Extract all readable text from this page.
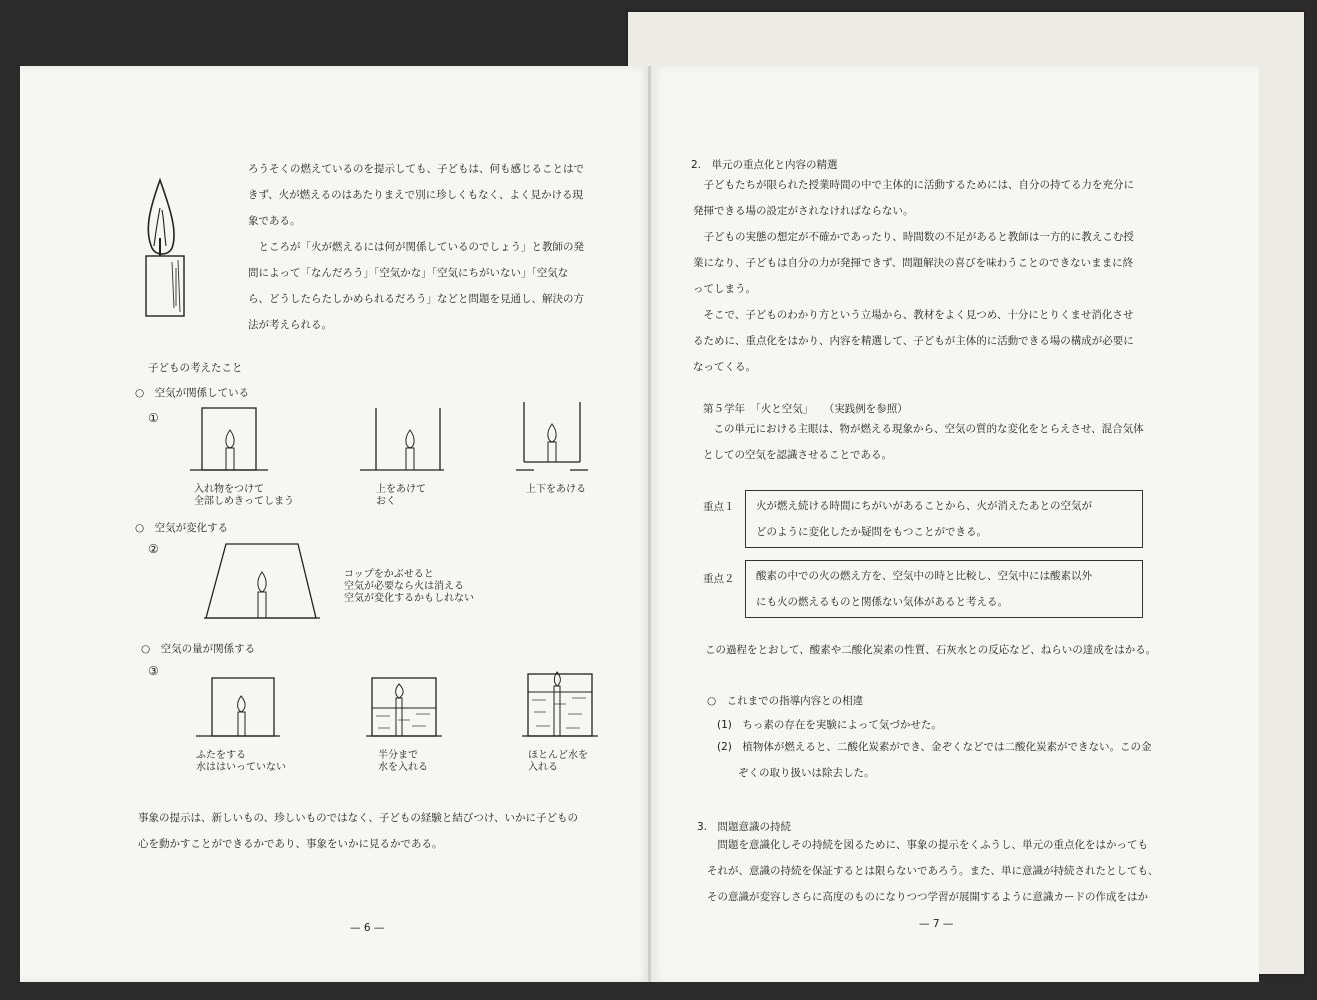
ろうそくの燃えているのを提示しても、子どもは、何も感じることはで
きず、火が燃えるのはあたりまえで別に珍しくもなく、よく見かける現
象である。
　ところが「火が燃えるには何が関係しているのでしょう」と教師の発
問によって「なんだろう」「空気かな」「空気にちがいない」「空気な
ら、どうしたらたしかめられるだろう」などと問題を見通し、解決の方
法が考えられる。
子どもの考えたこと
○　空気が関係している
①
入れ物をつけて
全部しめきってしまう
上をあけて
おく
上下をあける
○　空気が変化する
②
コップをかぶせると
空気が必要なら火は消える
空気が変化するかもしれない
○　空気の量が関係する
③
ふたをする
水ははいっていない
半分まで
水を入れる
ほとんど水を
入れる
事象の提示は、新しいもの、珍しいものではなく、子どもの経験と結びつけ、いかに子どもの
心を動かすことができるかであり、事象をいかに見るかである。
— 6 —
2.　単元の重点化と内容の精選
　子どもたちが限られた授業時間の中で主体的に活動するためには、自分の持てる力を充分に
発揮できる場の設定がされなければならない。
　子どもの実態の想定が不確かであったり、時間数の不足があると教師は一方的に教えこむ授
業になり、子どもは自分の力が発揮できず、問題解決の喜びを味わうことのできないままに終
ってしまう。
　そこで、子どものわかり方という立場から、教材をよく見つめ、十分にとりくませ消化させ
るために、重点化をはかり、内容を精選して、子どもが主体的に活動できる場の構成が必要に
なってくる。
第５学年　「火と空気」　　（実践例を参照）
　この単元における主眼は、物が燃える現象から、空気の質的な変化をとらえさせ、混合気体
としての空気を認識させることである。
重点１	火が燃え続ける時間にちがいがあることから、火が消えたあとの空気が
どのように変化したか疑問をもつことができる。
重点２	酸素の中での火の燃え方を、空気中の時と比較し、空気中には酸素以外
にも火の燃えるものと関係ない気体があると考える。
この過程をとおして、酸素や二酸化炭素の性質、石灰水との反応など、ねらいの達成をはかる。
○　これまでの指導内容との相違
(1)　ちっ素の存在を実験によって気づかせた。
(2)　植物体が燃えると、二酸化炭素ができ、金ぞくなどでは二酸化炭素ができない。この金
　　ぞくの取り扱いは除去した。
3.　問題意識の持続
　問題を意識化しその持続を図るために、事象の提示をくふうし、単元の重点化をはかっても
それが、意識の持続を保証するとは限らないであろう。また、単に意識が持続されたとしても、
その意識が変容しさらに高度のものになりつつ学習が展開するように意識カードの作成をはか
— 7 —
